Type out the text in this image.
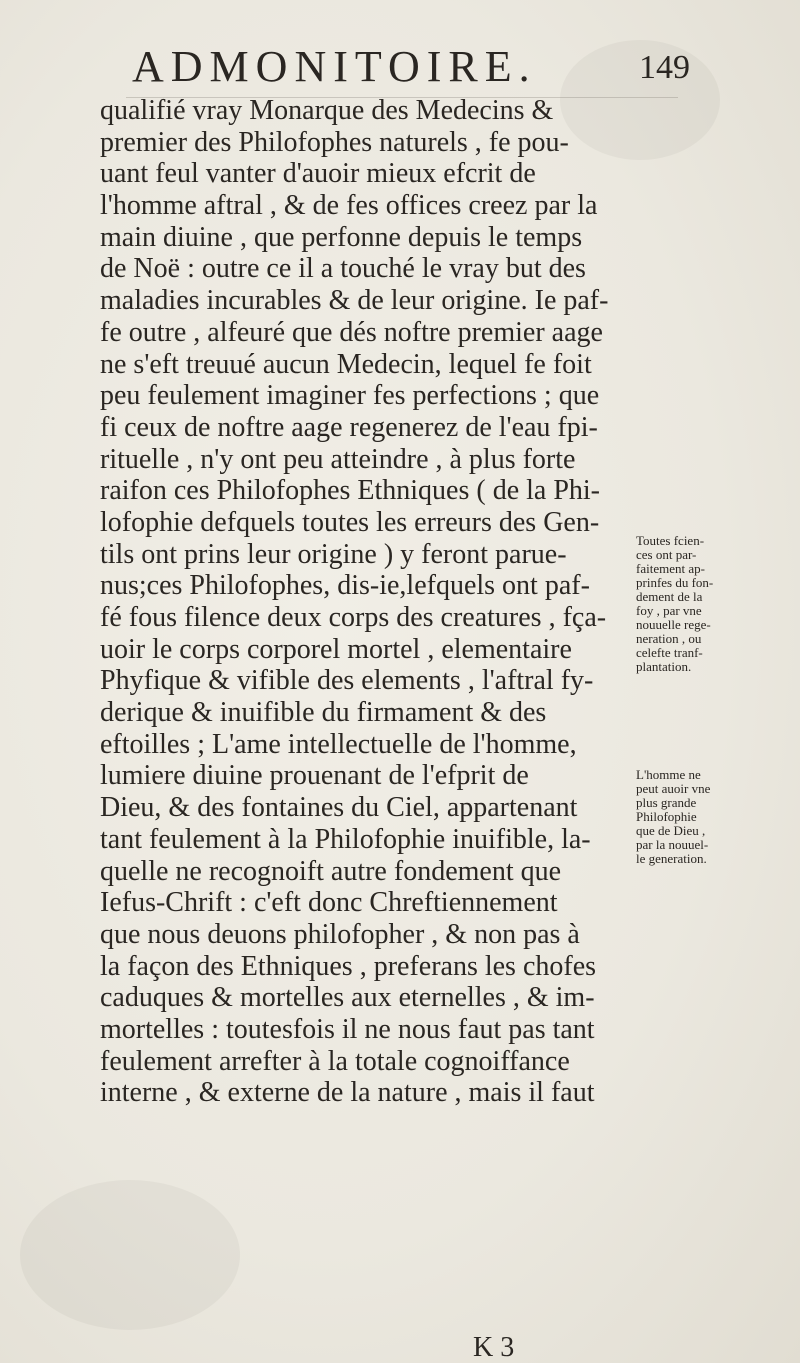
ADMONITOIRE.	149
qualifié vray Monarque des Medecins &
premier des Philofophes naturels , fe pou-
uant feul vanter d'auoir mieux efcrit de
l'homme aftral , & de fes offices creez par la
main diuine , que perfonne depuis le temps
de Noë : outre ce il a touché le vray but des
maladies incurables & de leur origine. Ie paf-
fe outre , alfeuré que dés noftre premier aage
ne s'eft treuué aucun Medecin, lequel fe foit
peu feulement imaginer fes perfections ; que
fi ceux de noftre aage regenerez de l'eau fpi-
rituelle , n'y ont peu atteindre , à plus forte
raifon ces Philofophes Ethniques ( de la Phi-
lofophie defquels toutes les erreurs des Gen-
tils ont prins leur origine ) y feront parue-
nus;ces Philofophes, dis-ie,lefquels ont paf-
fé fous filence deux corps des creatures , fça-
uoir le corps corporel mortel , elementaire
Phyfique & vifible des elements , l'aftral fy-
derique & inuifible du firmament & des
eftoilles ; L'ame intellectuelle de l'homme,
lumiere diuine prouenant de l'efprit de
Dieu, & des fontaines du Ciel, appartenant
tant feulement à la Philofophie inuifible, la-
quelle ne recognoift autre fondement que
Iefus-Chrift : c'eft donc Chreftiennement
que nous deuons philofopher , & non pas à
la façon des Ethniques , preferans les chofes
caduques & mortelles aux eternelles , & im-
mortelles : toutesfois il ne nous faut pas tant
feulement arrefter à la totale cognoiffance
interne , & externe de la nature , mais il faut
Toutes fcien-
ces ont par-
faitement ap-
prinfes du fon-
dement de la
foy , par vne
nouuelle rege-
neration , ou
celefte tranf-
plantation.
L'homme ne
peut auoir vne
plus grande
Philofophie
que de Dieu ,
par la nouuel-
le generation.
K 3
